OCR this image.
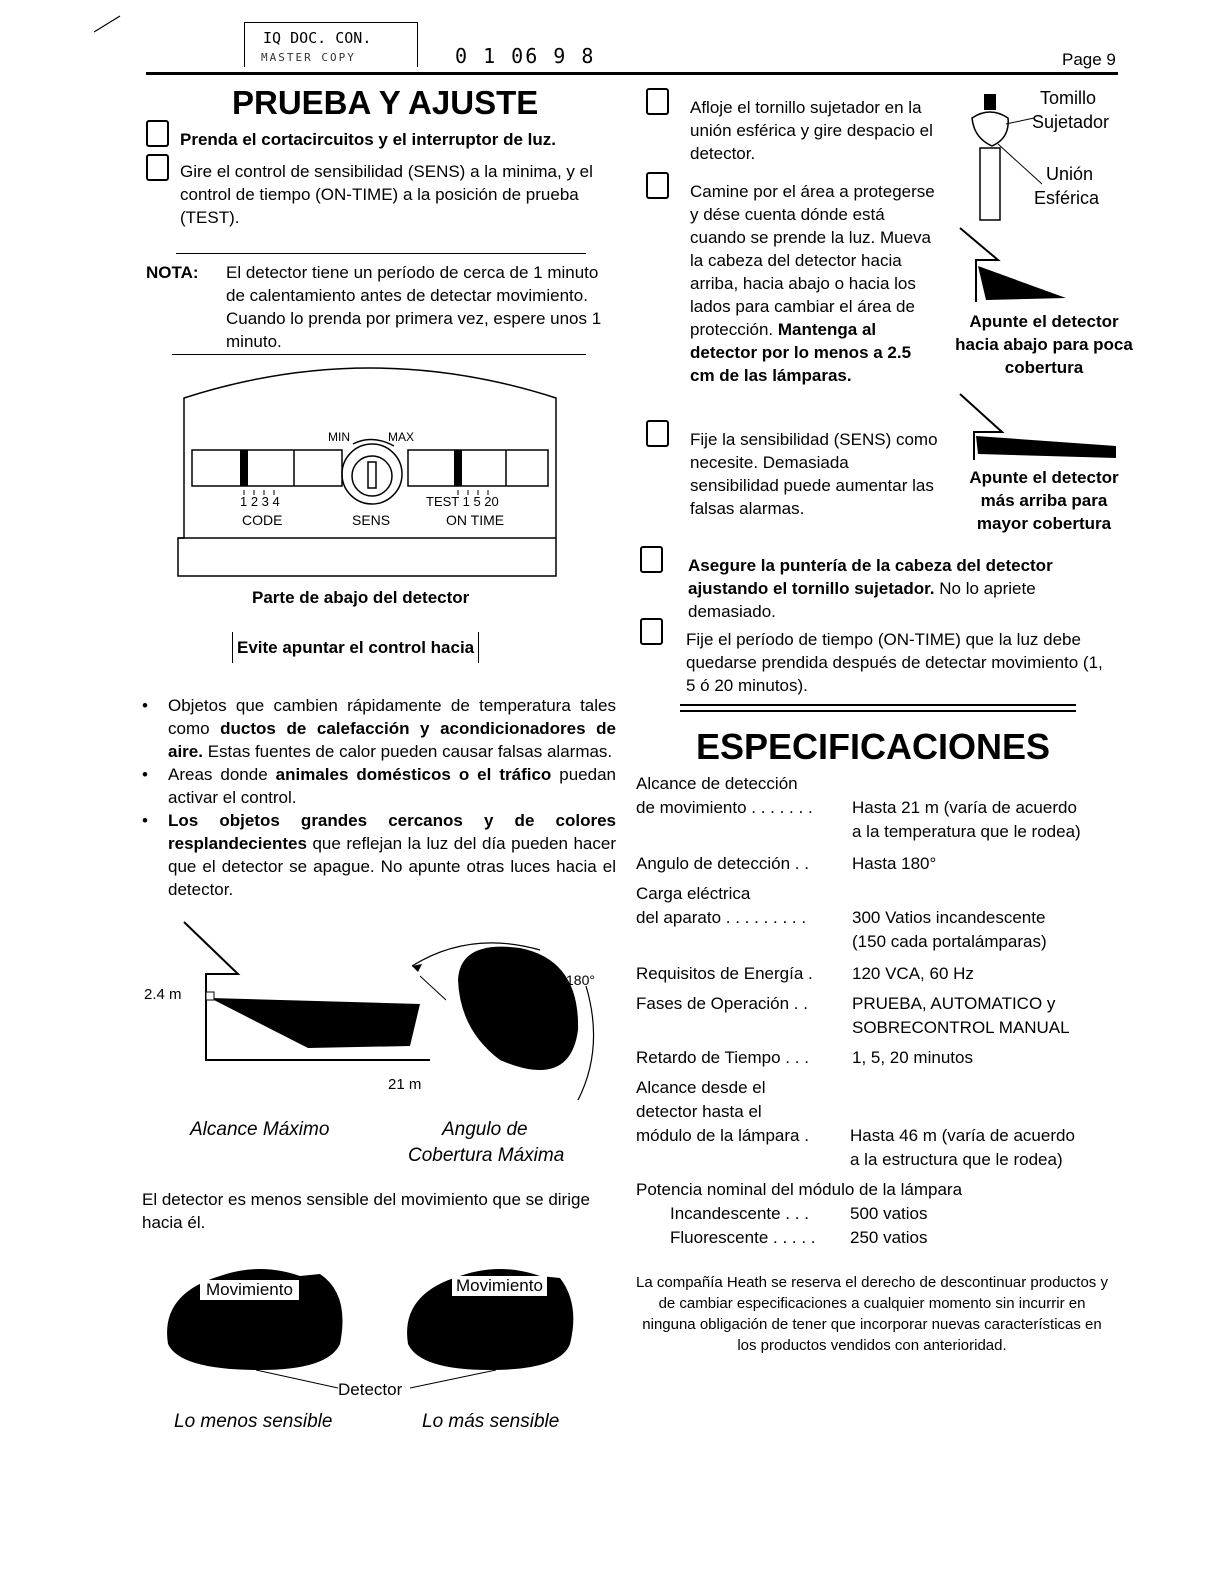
IQ DOC. CON.
MASTER COPY	0 1 06 9 8	Page 9
PRUEBA Y AJUSTE
Prenda el cortacircuitos y el interruptor de luz.
Gire el control de sensibilidad (SENS) a la minima, y el control de tiempo (ON-TIME) a la posición de prueba (TEST).
NOTA: El detector tiene un período de cerca de 1 minuto de calentamiento antes de detectar movimiento. Cuando lo prenda por primera vez, espere unos 1 minuto.
MIN	MAX
1 2 3 4
CODE	SENS
TEST 1 5 20
ON TIME
Parte de abajo del detector
Evite apuntar el control hacia
• Objetos que cambien rápidamente de temperatura tales como ductos de calefacción y acondicionadores de aire. Estas fuentes de calor pueden causar falsas alarmas.
• Areas donde animales domésticos o el tráfico puedan activar el control.
• Los objetos grandes cercanos y de colores resplandecientes que reflejan la luz del día pueden hacer que el detector se apague. No apunte otras luces hacia el detector.
2.4 m
21 m
180°
Alcance Máximo	Angulo de
Cobertura Máxima
El detector es menos sensible del movimiento que se dirige hacia él.
Movimiento	Movimiento
Detector
Lo menos sensible	Lo más sensible
Afloje el tornillo sujetador en la unión esférica y gire despacio el detector.
Camine por el área a protegerse y dése cuenta dónde está cuando se prende la luz. Mueva la cabeza del detector hacia arriba, hacia abajo o hacia los lados para cambiar el área de protección. Mantenga al detector por lo menos a 2.5 cm de las lámparas.
Fije la sensibilidad (SENS) como necesite. Demasiada sensibilidad puede aumentar las falsas alarmas.
Tomillo
Sujetador
Unión
Esférica
Apunte el detector hacia abajo para poca cobertura
Apunte el detector más arriba para mayor cobertura
Asegure la puntería de la cabeza del detector ajustando el tornillo sujetador. No lo apriete demasiado.
Fije el período de tiempo (ON-TIME) que la luz debe quedarse prendida después de detectar movimiento (1, 5 ó 20 minutos).
ESPECIFICACIONES
Alcance de detección
de movimiento . . . . . . . Hasta 21 m (varía de acuerdo
a la temperatura que le rodea)
Angulo de detección . .	Hasta 180°
Carga eléctrica
del aparato . . . . . . . . .	300 Vatios incandescente
(150 cada portalámparas)
Requisitos de Energía . 120 VCA, 60 Hz
Fases de Operación . .	PRUEBA, AUTOMATICO y
SOBRECONTROL MANUAL
Retardo de Tiempo . . .	1, 5, 20 minutos
Alcance desde el
detector hasta el
módulo de la lámpara . Hasta 46 m (varía de acuerdo
a la estructura que le rodea)
Potencia nominal del módulo de la lámpara
Incandescente . . . 500 vatios
Fluorescente . . . . . 250 vatios
La compañía Heath se reserva el derecho de descontinuar productos y de cambiar especificaciones a cualquier momento sin incurrir en ninguna obligación de tener que incorporar nuevas características en los productos vendidos con anterioridad.
